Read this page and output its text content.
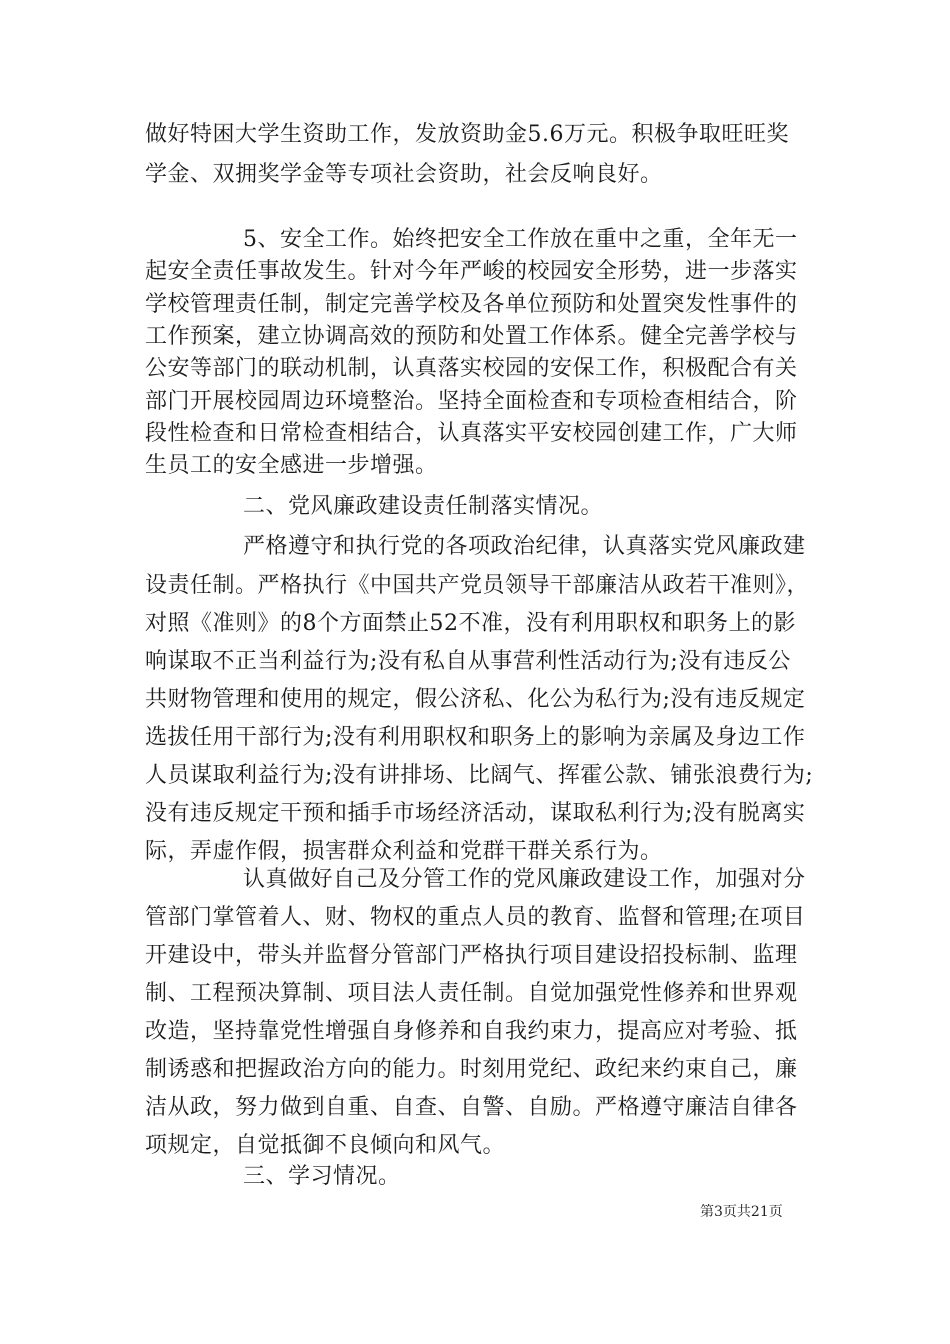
做好特困大学生资助工作，发放资助金5.6万元。积极争取旺旺奖
学金、双拥奖学金等专项社会资助，社会反响良好。
5、安全工作。始终把安全工作放在重中之重，全年无一
起安全责任事故发生。针对今年严峻的校园安全形势，进一步落实
学校管理责任制，制定完善学校及各单位预防和处置突发性事件的
工作预案，建立协调高效的预防和处置工作体系。健全完善学校与
公安等部门的联动机制，认真落实校园的安保工作，积极配合有关
部门开展校园周边环境整治。坚持全面检查和专项检查相结合，阶
段性检查和日常检查相结合，认真落实平安校园创建工作，广大师
生员工的安全感进一步增强。
二、党风廉政建设责任制落实情况。
严格遵守和执行党的各项政治纪律，认真落实党风廉政建
设责任制。严格执行《中国共产党员领导干部廉洁从政若干准则》，
对照《准则》的8个方面禁止52不准，没有利用职权和职务上的影
响谋取不正当利益行为;没有私自从事营利性活动行为;没有违反公
共财物管理和使用的规定，假公济私、化公为私行为;没有违反规定
选拔任用干部行为;没有利用职权和职务上的影响为亲属及身边工作
人员谋取利益行为;没有讲排场、比阔气、挥霍公款、铺张浪费行为;
没有违反规定干预和插手市场经济活动，谋取私利行为;没有脱离实
际，弄虚作假，损害群众利益和党群干群关系行为。
认真做好自己及分管工作的党风廉政建设工作，加强对分
管部门掌管着人、财、物权的重点人员的教育、监督和管理;在项目
开建设中，带头并监督分管部门严格执行项目建设招投标制、监理
制、工程预决算制、项目法人责任制。自觉加强党性修养和世界观
改造，坚持靠党性增强自身修养和自我约束力，提高应对考验、抵
制诱惑和把握政治方向的能力。时刻用党纪、政纪来约束自己，廉
洁从政，努力做到自重、自查、自警、自励。严格遵守廉洁自律各
项规定，自觉抵御不良倾向和风气。
三、学习情况。
第3页共21页
